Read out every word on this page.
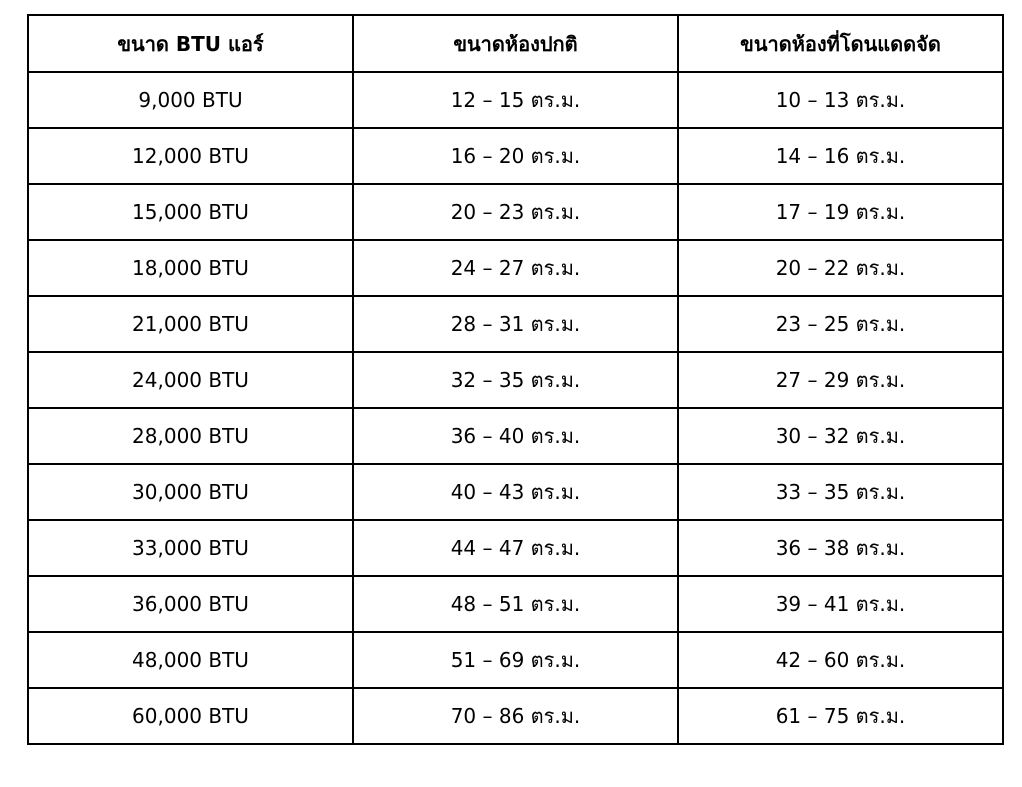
ขนาด BTU แอร์	ขนาดห้องปกติ	ขนาดห้องที่โดนแดดจัด
9,000 BTU	12 – 15 ตร.ม.	10 – 13 ตร.ม.
12,000 BTU	16 – 20 ตร.ม.	14 – 16 ตร.ม.
15,000 BTU	20 – 23 ตร.ม.	17 – 19 ตร.ม.
18,000 BTU	24 – 27 ตร.ม.	20 – 22 ตร.ม.
21,000 BTU	28 – 31 ตร.ม.	23 – 25 ตร.ม.
24,000 BTU	32 – 35 ตร.ม.	27 – 29 ตร.ม.
28,000 BTU	36 – 40 ตร.ม.	30 – 32 ตร.ม.
30,000 BTU	40 – 43 ตร.ม.	33 – 35 ตร.ม.
33,000 BTU	44 – 47 ตร.ม.	36 – 38 ตร.ม.
36,000 BTU	48 – 51 ตร.ม.	39 – 41 ตร.ม.
48,000 BTU	51 – 69 ตร.ม.	42 – 60 ตร.ม.
60,000 BTU	70 – 86 ตร.ม.	61 – 75 ตร.ม.
